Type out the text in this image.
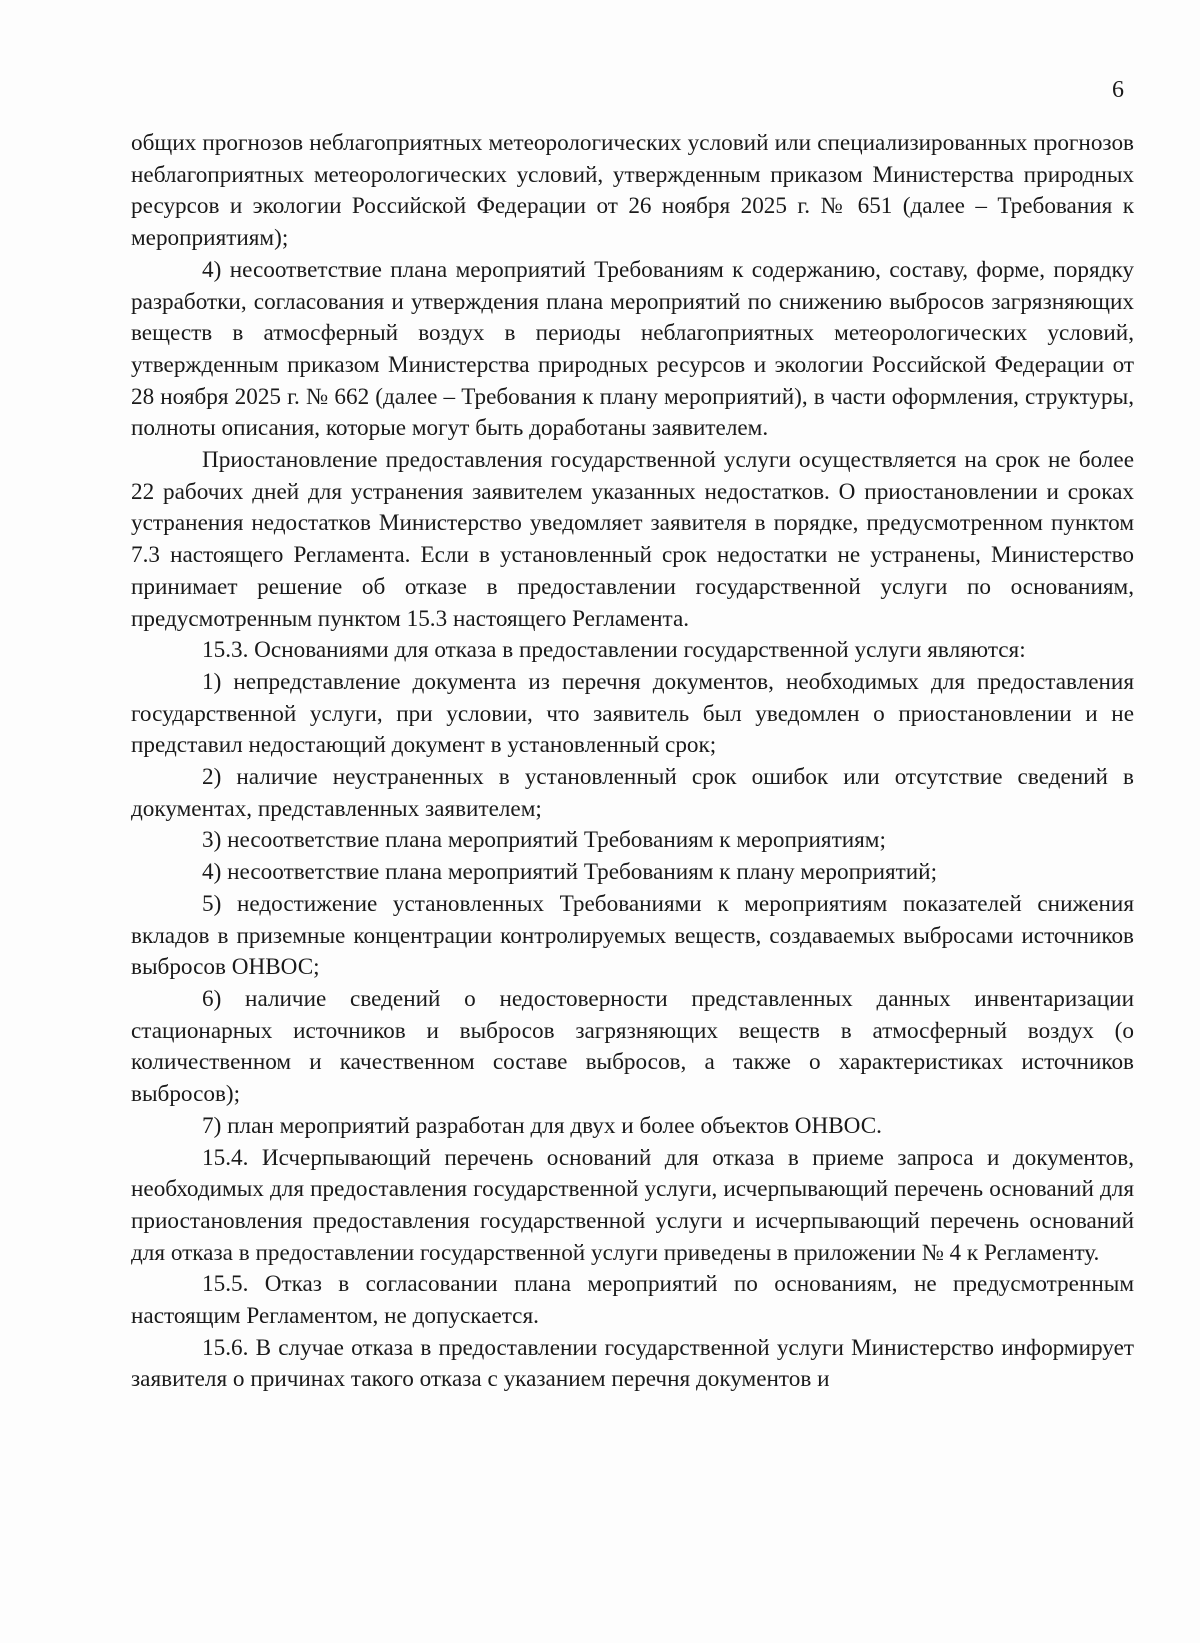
6

общих прогнозов неблагоприятных метеорологических условий или специализированных прогнозов неблагоприятных метеорологических условий, утвержденным приказом Министерства природных ресурсов и экологии Российской Федерации от 26 ноября 2025 г. № 651 (далее – Требования к мероприятиям);

4) несоответствие плана мероприятий Требованиям к содержанию, составу, форме, порядку разработки, согласования и утверждения плана мероприятий по снижению выбросов загрязняющих веществ в атмосферный воздух в периоды неблагоприятных метеорологических условий, утвержденным приказом Министерства природных ресурсов и экологии Российской Федерации от 28 ноября 2025 г. № 662 (далее – Требования к плану мероприятий), в части оформления, структуры, полноты описания, которые могут быть доработаны заявителем.

Приостановление предоставления государственной услуги осуществляется на срок не более 22 рабочих дней для устранения заявителем указанных недостатков. О приостановлении и сроках устранения недостатков Министерство уведомляет заявителя в порядке, предусмотренном пунктом 7.3 настоящего Регламента. Если в установленный срок недостатки не устранены, Министерство принимает решение об отказе в предоставлении государственной услуги по основаниям, предусмотренным пунктом 15.3 настоящего Регламента.

15.3. Основаниями для отказа в предоставлении государственной услуги являются:

1) непредставление документа из перечня документов, необходимых для предоставления государственной услуги, при условии, что заявитель был уведомлен о приостановлении и не представил недостающий документ в установленный срок;

2) наличие неустраненных в установленный срок ошибок или отсутствие сведений в документах, представленных заявителем;

3) несоответствие плана мероприятий Требованиям к мероприятиям;

4) несоответствие плана мероприятий Требованиям к плану мероприятий;

5) недостижение установленных Требованиями к мероприятиям показателей снижения вкладов в приземные концентрации контролируемых веществ, создаваемых выбросами источников выбросов ОНВОС;

6) наличие сведений о недостоверности представленных данных инвентаризации стационарных источников и выбросов загрязняющих веществ в атмосферный воздух (о количественном и качественном составе выбросов, а также о характеристиках источников выбросов);

7) план мероприятий разработан для двух и более объектов ОНВОС.

15.4. Исчерпывающий перечень оснований для отказа в приеме запроса и документов, необходимых для предоставления государственной услуги, исчерпывающий перечень оснований для приостановления предоставления государственной услуги и исчерпывающий перечень оснований для отказа в предоставлении государственной услуги приведены в приложении № 4 к Регламенту.

15.5. Отказ в согласовании плана мероприятий по основаниям, не предусмотренным настоящим Регламентом, не допускается.

15.6. В случае отказа в предоставлении государственной услуги Министерство информирует заявителя о причинах такого отказа с указанием перечня документов и
